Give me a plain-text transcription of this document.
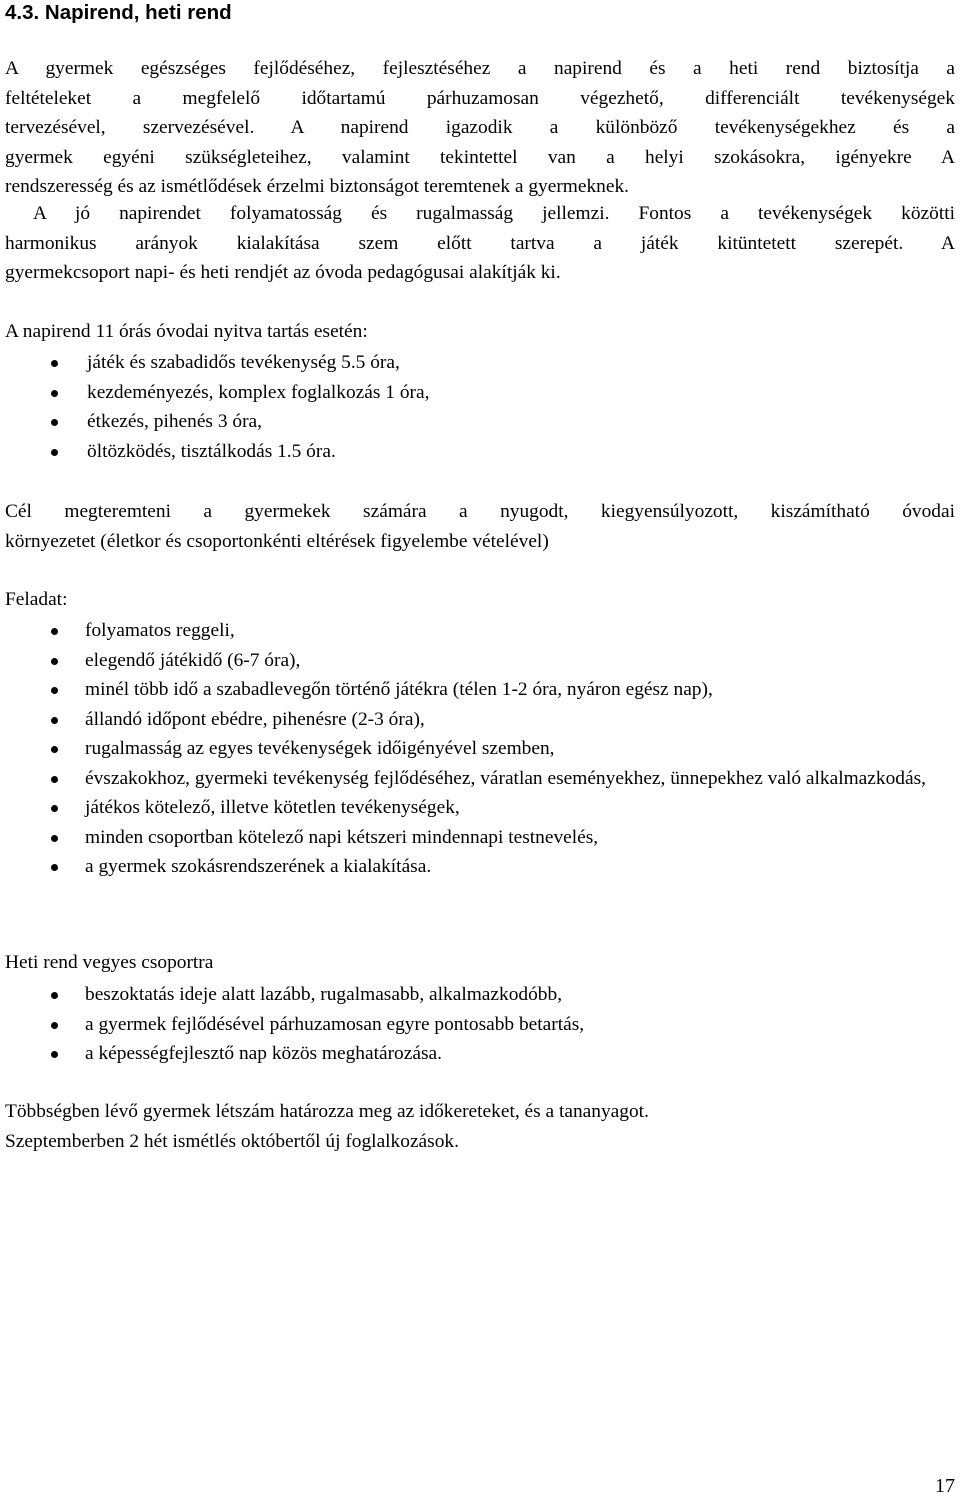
4.3. Napirend, heti rend
A gyermek egészséges fejlődéséhez, fejlesztéséhez a napirend és a heti rend biztosítja a
feltételeket a megfelelő időtartamú párhuzamosan végezhető, differenciált tevékenységek
tervezésével, szervezésével. A napirend igazodik a különböző tevékenységekhez és a
gyermek egyéni szükségleteihez, valamint tekintettel van a helyi szokásokra, igényekre A
rendszeresség és az ismétlődések érzelmi biztonságot teremtenek a gyermeknek.
A jó napirendet folyamatosság és rugalmasság jellemzi. Fontos a tevékenységek közötti
harmonikus arányok kialakítása szem előtt tartva a játék kitüntetett szerepét. A
gyermekcsoport napi- és heti rendjét az óvoda pedagógusai alakítják ki.

A napirend 11 órás óvodai nyitva tartás esetén:

játék és szabadidős tevékenység 5.5 óra,
kezdeményezés, komplex foglalkozás 1 óra,
étkezés, pihenés 3 óra,
öltözködés, tisztálkodás 1.5 óra.
Cél megteremteni a gyermekek számára a nyugodt, kiegyensúlyozott, kiszámítható óvodai
környezetet (életkor és csoportonkénti eltérések figyelembe vételével)

Feladat:

folyamatos reggeli,
elegendő játékidő (6-7 óra),
minél több idő a szabadlevegőn történő játékra (télen 1-2 óra, nyáron egész nap),
állandó időpont ebédre, pihenésre (2-3 óra),
rugalmasság az egyes tevékenységek időigényével szemben,
évszakokhoz, gyermeki tevékenység fejlődéséhez, váratlan eseményekhez, ünnepekhez való alkalmazkodás,
játékos kötelező, illetve kötetlen tevékenységek,
minden csoportban kötelező napi kétszeri mindennapi testnevelés,
a gyermek szokásrendszerének a kialakítása.

Heti rend vegyes csoportra

beszoktatás ideje alatt lazább, rugalmasabb, alkalmazkodóbb,
a gyermek fejlődésével párhuzamosan egyre pontosabb betartás,
a képességfejlesztő nap közös meghatározása.
Többségben lévő gyermek létszám határozza meg az időkereteket, és a tananyagot.
Szeptemberben 2 hét ismétlés októbertől új foglalkozások.
17
